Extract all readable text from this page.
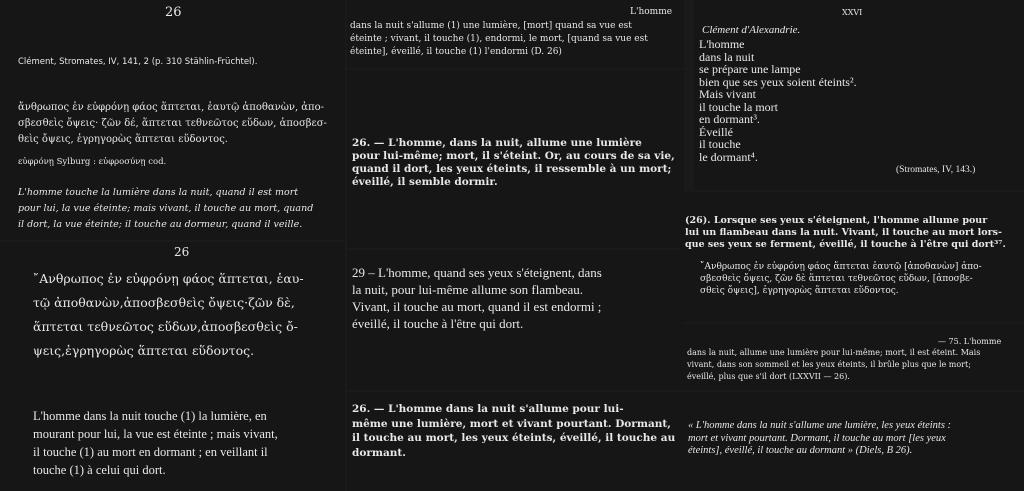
26
Clément, Stromates, IV, 141, 2 (p. 310 Stählin-Früchtel).
ἄνθρωπος ἐν εὐφρόνῃ φάος ἅπτεται, ἑαυτῷ ἀποθανὼν, ἀπο-
σβεσθεὶς ὄψεις· ζῶν δέ, ἅπτεται τεθνεῶτος εὕδων, ἀποσβεσ-
θεὶς ὄψεις, ἐγρηγορὼς ἅπτεται εὕδοντος.
εὐφρόνῃ Sylburg : εὐφροσύνῃ cod.
L'homme touche la lumière dans la nuit, quand il est mort
pour lui, la vue éteinte; mais vivant, il touche au mort, quand
il dort, la vue éteinte; il touche au dormeur, quand il veille.
26
῎Ανθρωπος ἐν εὐφρόνῃ φάος ἅπτεται, ἑαυ-
τῷ ἀποθανὼν,ἀποσβεσθεὶς ὄψεις·ζῶν δὲ,
ἅπτεται τεθνεῶτος εὕδων,ἀποσβεσθεὶς ὄ-
ψεις,ἐγρηγορὼς ἅπτεται εὕδοντος.
L'homme dans la nuit touche (1) la lumière, en
mourant pour lui, la vue est éteinte ; mais vivant,
il touche (1) au mort en dormant ; en veillant il
touche (1) à celui qui dort.
L'homme
dans la nuit s'allume (1) une lumière, [mort] quand sa vue est
éteinte ; vivant, il touche (1), endormi, le mort, [quand sa vue est
éteinte], éveillé, il touche (1) l'endormi (D. 26)
26. — L'homme, dans la nuit, allume une lumière
pour lui-même; mort, il s'éteint. Or, au cours de sa vie,
quand il dort, les yeux éteints, il ressemble à un mort;
éveillé, il semble dormir.
29 – L'homme, quand ses yeux s'éteignent, dans
la nuit, pour lui-même allume son flambeau.
Vivant, il touche au mort, quand il est endormi ;
éveillé, il touche à l'être qui dort.
26. — L'homme dans la nuit s'allume pour lui-
même une lumière, mort et vivant pourtant. Dormant,
il touche au mort, les yeux éteints, éveillé, il touche au
dormant.
XXVI
Clément d'Alexandrie.
L'homme
dans la nuit
se prépare une lampe
bien que ses yeux soient éteints².
Mais vivant
il touche la mort
en dormant³.
Éveillé
il touche
le dormant⁴.
(Stromates, IV, 143.)
(26). Lorsque ses yeux s'éteignent, l'homme allume pour
lui un flambeau dans la nuit. Vivant, il touche au mort lors-
que ses yeux se ferment, éveillé, il touche à l'être qui dort³⁷.
῎Ανθρωπος ἐν εὐφρόνῃ φάος ἅπτεται ἑαυτῷ [ἀποθανὼν] ἀπο-
σβεσθεὶς ὄψεις, ζῶν δὲ ἅπτεται τεθνεῶτος εὕδων, [ἀποσβε-
σθεὶς ὄψεις], ἐγρηγορὼς ἅπτεται εὕδοντος.
— 75. L'homme
dans la nuit, allume une lumière pour lui-même; mort, il est éteint. Mais
vivant, dans son sommeil et les yeux éteints, il brûle plus que le mort;
éveillé, plus que s'il dort (LXXVII — 26).
« L'homme dans la nuit s'allume une lumière, les yeux éteints :
mort et vivant pourtant. Dormant, il touche au mort [les yeux
éteints], éveillé, il touche au dormant » (Diels, B 26).
